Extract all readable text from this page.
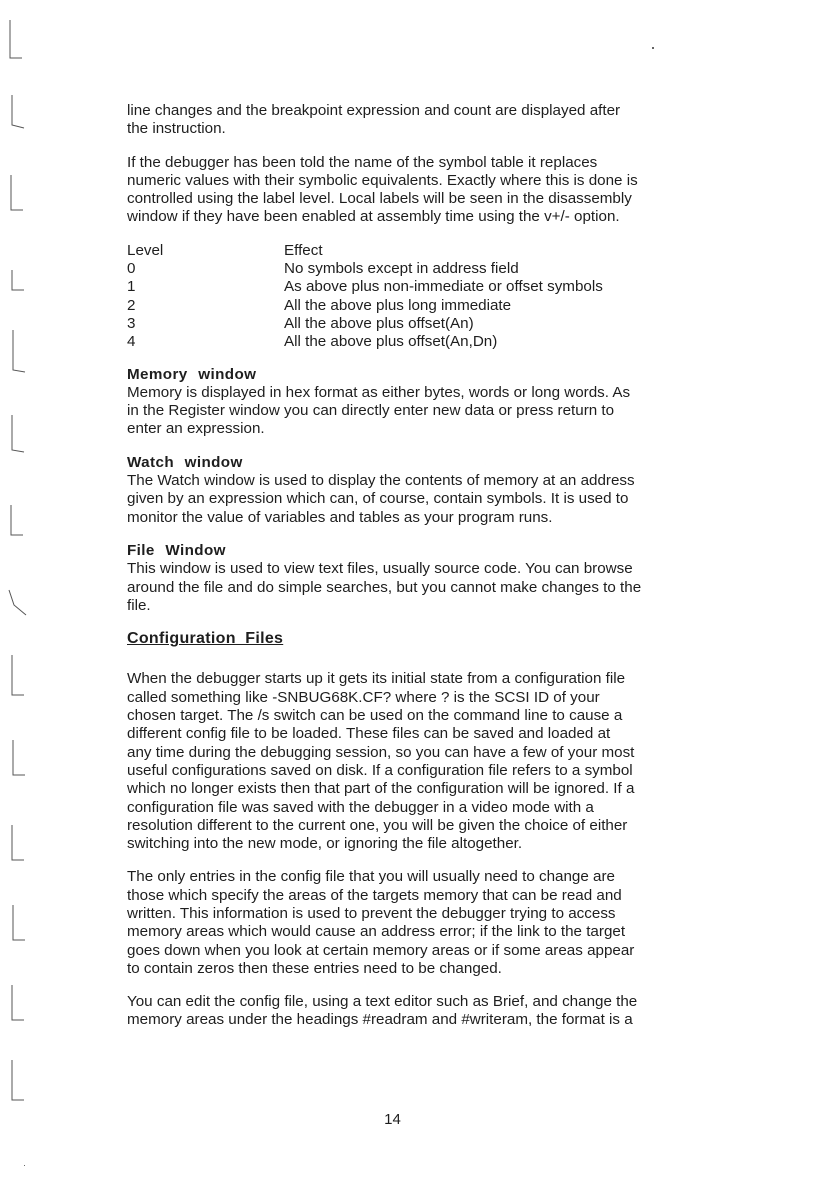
line changes and the breakpoint expression and count are displayed after
the instruction.

If the debugger has been told the name of the symbol table it replaces
numeric values with their symbolic equivalents. Exactly where this is done is
controlled using the label level. Local labels will be seen in the disassembly
window if they have been enabled at assembly time using the v+/- option.

Level	Effect
0	No symbols except in address field
1	As above plus non-immediate or offset symbols
2	All the above plus long immediate
3	All the above plus offset(An)
4	All the above plus offset(An,Dn)

Memory window

Memory is displayed in hex format as either bytes, words or long words. As
in the Register window you can directly enter new data or press return to
enter an expression.

Watch window

The Watch window is used to display the contents of memory at an address
given by an expression which can, of course, contain symbols. It is used to
monitor the value of variables and tables as your program runs.

File Window

This window is used to view text files, usually source code. You can browse
around the file and do simple searches, but you cannot make changes to the
file.

Configuration  Files

When the debugger starts up it gets its initial state from a configuration file
called something like -SNBUG68K.CF? where ? is the SCSI ID of your
chosen target. The /s switch can be used on the command line to cause a
different config file to be loaded. These files can be saved and loaded at
any time during the debugging session, so you can have a few of your most
useful configurations saved on disk. If a configuration file refers to a symbol
which no longer exists then that part of the configuration will be ignored. If a
configuration file was saved with the debugger in a video mode with a
resolution different to the current one, you will be given the choice of either
switching into the new mode, or ignoring the file altogether.

The only entries in the config file that you will usually need to change are
those which specify the areas of the targets memory that can be read and
written. This information is used to prevent the debugger trying to access
memory areas which would cause an address error; if the link to the target
goes down when you look at certain memory areas or if some areas appear
to contain zeros then these entries need to be changed.

You can edit the config file, using a text editor such as Brief, and change the
memory areas under the headings #readram and #writeram, the format is a

14
